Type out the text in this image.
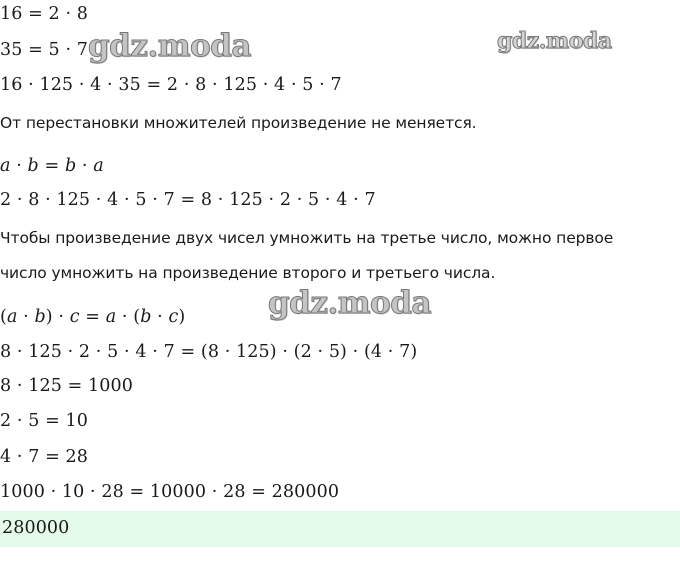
16 = 2 · 8
35 = 5 · 7
16 · 125 · 4 · 35 = 2 · 8 · 125 · 4 · 5 · 7
От перестановки множителей произведение не меняется.
a · b = b · a
2 · 8 · 125 · 4 · 5 · 7 = 8 · 125 · 2 · 5 · 4 · 7
Чтобы произведение двух чисел умножить на третье число, можно первое
число умножить на произведение второго и третьего числа.
(a · b) · c = a · (b · c)
8 · 125 · 2 · 5 · 4 · 7 = (8 · 125) · (2 · 5) · (4 · 7)
8 · 125 = 1000
2 · 5 = 10
4 · 7 = 28
1000 · 10 · 28 = 10000 · 28 = 280000
280000
gdz.moda	gdz.moda
gdz.moda
